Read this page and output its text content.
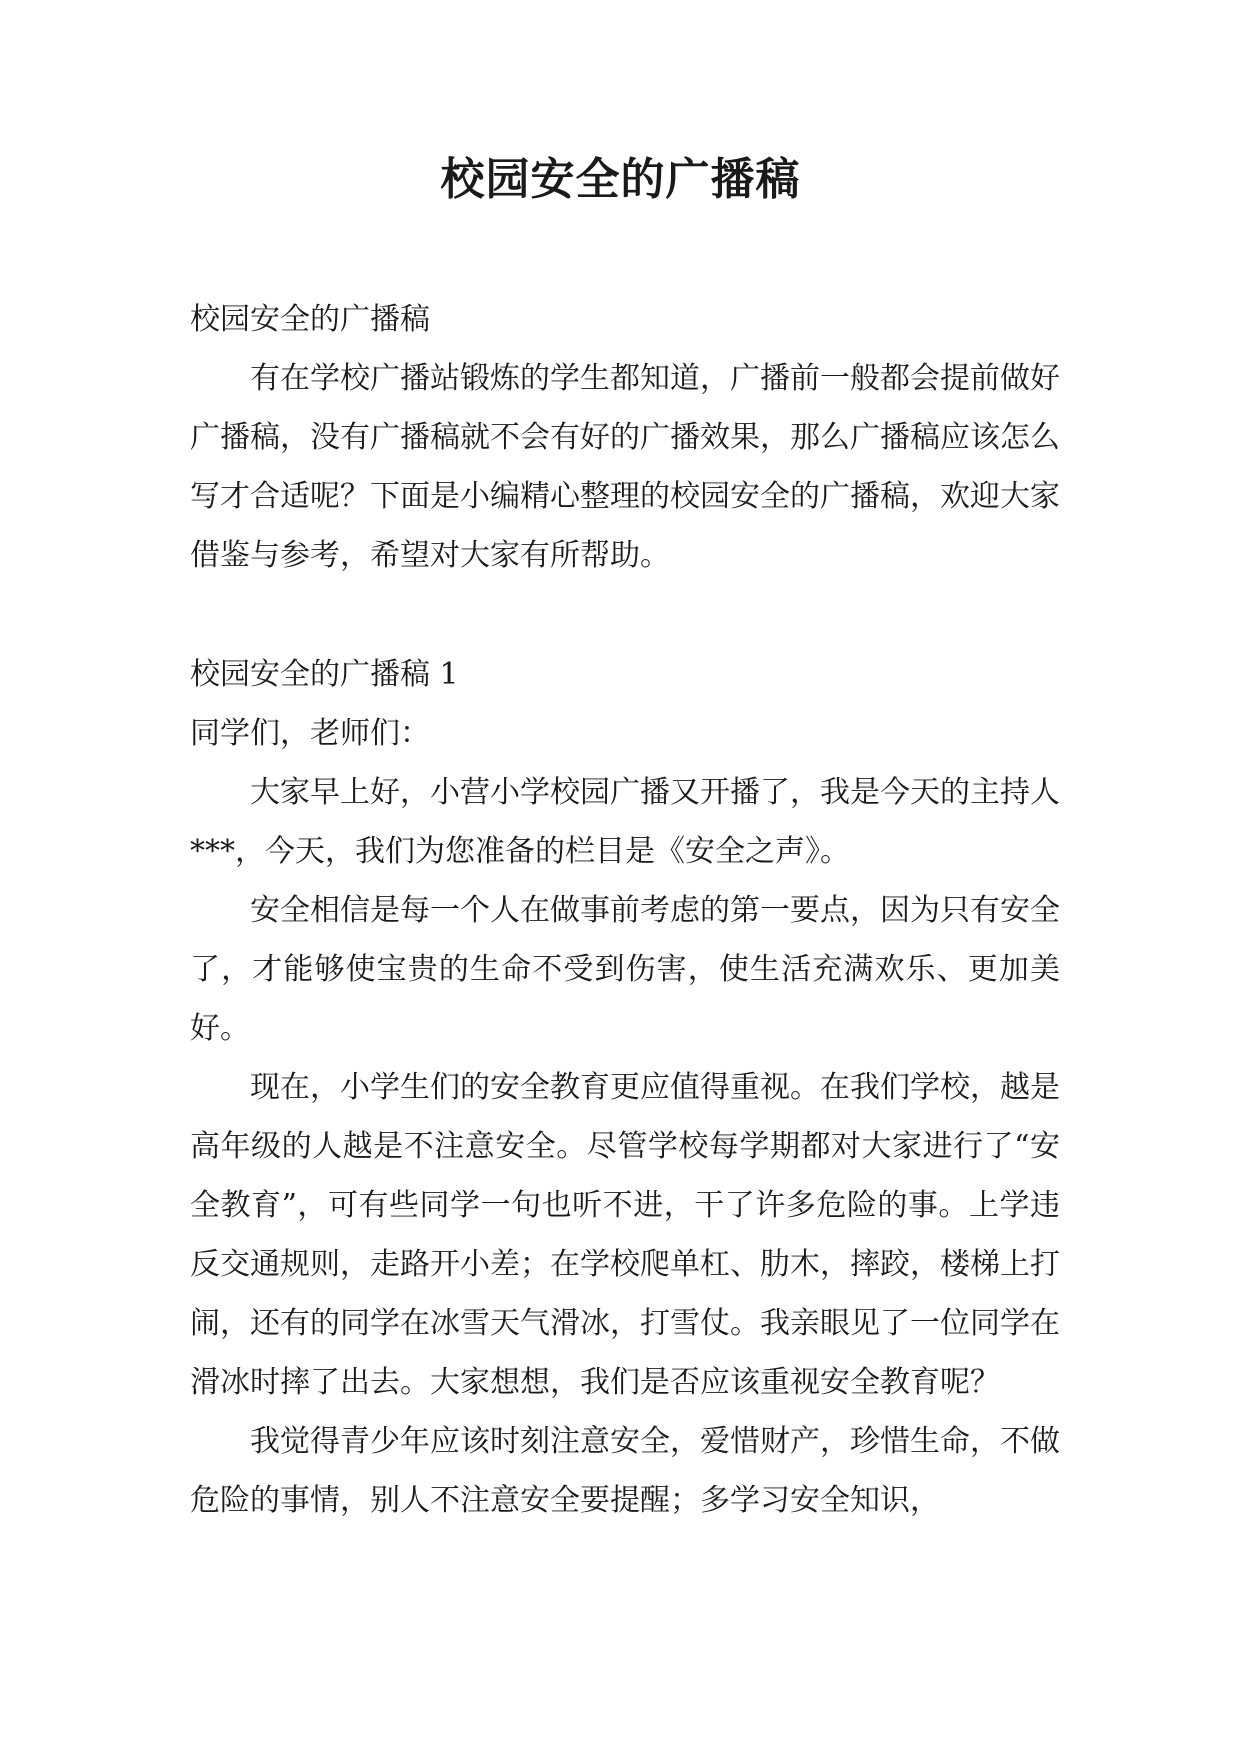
校园安全的广播稿

校园安全的广播稿

有在学校广播站锻炼的学生都知道，广播前一般都会提前做好广播稿，没有广播稿就不会有好的广播效果，那么广播稿应该怎么写才合适呢？下面是小编精心整理的校园安全的广播稿，欢迎大家借鉴与参考，希望对大家有所帮助。

校园安全的广播稿 1

同学们，老师们：

大家早上好，小营小学校园广播又开播了，我是今天的主持人***，今天，我们为您准备的栏目是《安全之声》。

安全相信是每一个人在做事前考虑的第一要点，因为只有安全了，才能够使宝贵的生命不受到伤害，使生活充满欢乐、更加美好。

现在，小学生们的安全教育更应值得重视。在我们学校，越是高年级的人越是不注意安全。尽管学校每学期都对大家进行了“安全教育”，可有些同学一句也听不进，干了许多危险的事。上学违反交通规则，走路开小差；在学校爬单杠、肋木，摔跤，楼梯上打闹，还有的同学在冰雪天气滑冰，打雪仗。我亲眼见了一位同学在滑冰时摔了出去。大家想想，我们是否应该重视安全教育呢？

我觉得青少年应该时刻注意安全，爱惜财产，珍惜生命，不做危险的事情，别人不注意安全要提醒；多学习安全知识，
